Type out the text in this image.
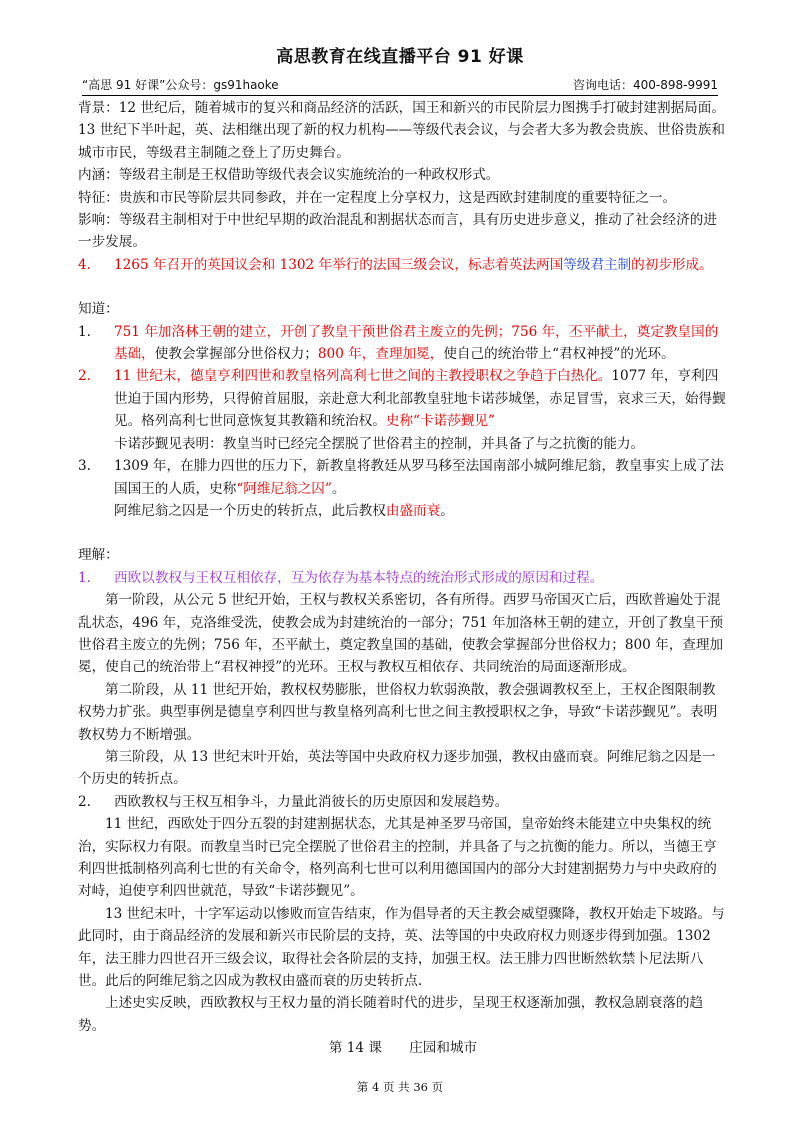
高思教育在线直播平台 91 好课
“高思 91 好课”公众号：gs91haoke	咨询电话：400-898-9991

背景：12 世纪后，随着城市的复兴和商品经济的活跃，国王和新兴的市民阶层力图携手打破封建割据局面。13 世纪下半叶起，英、法相继出现了新的权力机构——等级代表会议，与会者大多为教会贵族、世俗贵族和城市市民，等级君主制随之登上了历史舞台。

内涵：等级君主制是王权借助等级代表会议实施统治的一种政权形式。

特征：贵族和市民等阶层共同参政，并在一定程度上分享权力，这是西欧封建制度的重要特征之一。

影响：等级君主制相对于中世纪早期的政治混乱和割据状态而言，具有历史进步意义，推动了社会经济的进一步发展。

4.	1265 年召开的英国议会和 1302 年举行的法国三级会议，标志着英法两国等级君主制的初步形成。

知道：

1.	751 年加洛林王朝的建立，开创了教皇干预世俗君主废立的先例；756 年，丕平献土，奠定教皇国的基础，使教会掌握部分世俗权力；800 年，查理加冕，使自己的统治带上“君权神授”的光环。
2.	11 世纪末，德皇亨利四世和教皇格列高利七世之间的主教授职权之争趋于白热化。1077 年，亨利四世迫于国内形势，只得俯首屈服，亲赴意大利北部教皇驻地卡诺莎城堡，赤足冒雪，哀求三天，始得觐见。格列高利七世同意恢复其教籍和统治权。史称“卡诺莎觐见”

卡诺莎觐见表明：教皇当时已经完全摆脱了世俗君主的控制，并具备了与之抗衡的能力。

3.	1309 年，在腓力四世的压力下，新教皇将教廷从罗马移至法国南部小城阿维尼翁，教皇事实上成了法国国王的人质，史称“阿维尼翁之囚”。

阿维尼翁之囚是一个历史的转折点，此后教权由盛而衰。

理解：

1.	西欧以教权与王权互相依存，互为依存为基本特点的统治形式形成的原因和过程。

第一阶段，从公元 5 世纪开始，王权与教权关系密切，各有所得。西罗马帝国灭亡后，西欧普遍处于混乱状态，496 年，克洛维受洗，使教会成为封建统治的一部分；751 年加洛林王朝的建立，开创了教皇干预世俗君主废立的先例；756 年，丕平献土，奠定教皇国的基础，使教会掌握部分世俗权力；800 年，查理加冕，使自己的统治带上“君权神授”的光环。王权与教权互相依存、共同统治的局面逐渐形成。

第二阶段，从 11 世纪开始，教权权势膨胀，世俗权力软弱涣散，教会强调教权至上，王权企图限制教权势力扩张。典型事例是德皇亨利四世与教皇格列高利七世之间主教授职权之争，导致“卡诺莎觐见”。表明教权势力不断增强。

第三阶段，从 13 世纪末叶开始，英法等国中央政府权力逐步加强，教权由盛而衰。阿维尼翁之囚是一个历史的转折点。

2.	西欧教权与王权互相争斗，力量此消彼长的历史原因和发展趋势。

11 世纪，西欧处于四分五裂的封建割据状态，尤其是神圣罗马帝国，皇帝始终未能建立中央集权的统治，实际权力有限。而教皇当时已完全摆脱了世俗君主的控制，并具备了与之抗衡的能力。所以，当德王亨利四世抵制格列高利七世的有关命令，格列高利七世可以利用德国国内的部分大封建割据势力与中央政府的对峙，迫使亨利四世就范，导致“卡诺莎觐见”。

13 世纪末叶，十字军运动以惨败而宣告结束，作为倡导者的天主教会威望骤降，教权开始走下坡路。与此同时，由于商品经济的发展和新兴市民阶层的支持，英、法等国的中央政府权力则逐步得到加强。1302 年，法王腓力四世召开三级会议，取得社会各阶层的支持，加强王权。法王腓力四世断然软禁卜尼法斯八世。此后的阿维尼翁之囚成为教权由盛而衰的历史转折点.

上述史实反映，西欧教权与王权力量的消长随着时代的进步，呈现王权逐渐加强，教权急剧衰落的趋势。

第 14 课　　庄园和城市

第 4 页 共 36 页
